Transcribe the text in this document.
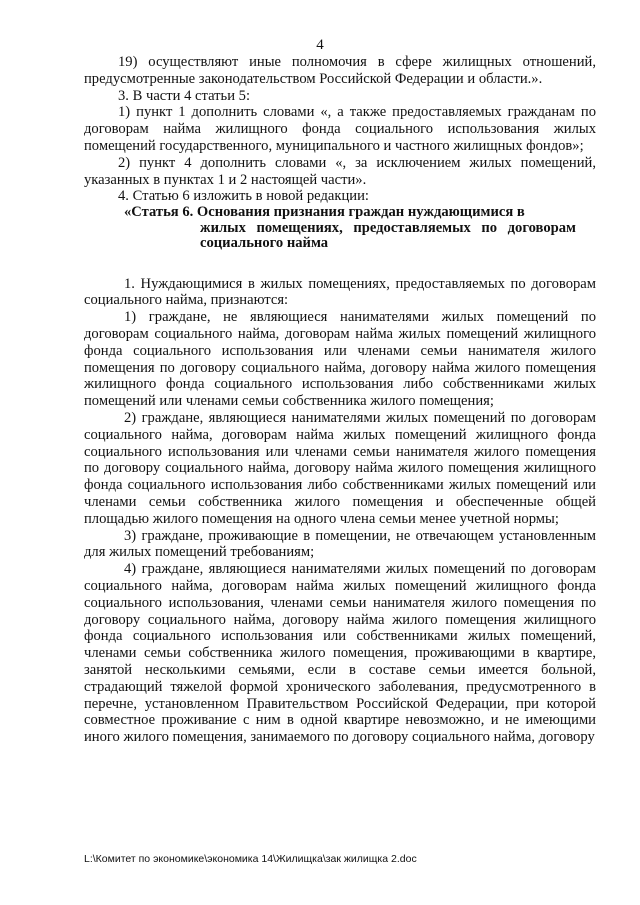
4

19) осуществляют иные полномочия в сфере жилищных отношений, предусмотренные законодательством Российской Федерации и области.».

3. В части 4 статьи 5:

1) пункт 1 дополнить словами «, а также предоставляемых гражданам по договорам найма жилищного фонда социального использования жилых помещений государственного, муниципального и частного жилищных фондов»;

2) пункт 4 дополнить словами «, за исключением жилых помещений, указанных в пунктах 1 и 2 настоящей части».

4. Статью 6 изложить в новой редакции:

«Статья 6. Основания признания граждан нуждающимися в
жилых помещениях, предоставляемых по договорам социального найма

1. Нуждающимися в жилых помещениях, предоставляемых по договорам социального найма, признаются:

1) граждане, не являющиеся нанимателями жилых помещений по договорам социального найма, договорам найма жилых помещений жилищного фонда социального использования или членами семьи нанимателя жилого помещения по договору социального найма, договору найма жилого помещения жилищного фонда социального использования либо собственниками жилых помещений или членами семьи собственника жилого помещения;

2) граждане, являющиеся нанимателями жилых помещений по договорам социального найма, договорам найма жилых помещений жилищного фонда социального использования или членами семьи нанимателя жилого помещения по договору социального найма, договору найма жилого помещения жилищного фонда социального использования либо собственниками жилых помещений или членами семьи собственника жилого помещения и обеспеченные общей площадью жилого помещения на одного члена семьи менее учетной нормы;

3) граждане, проживающие в помещении, не отвечающем установленным для жилых помещений требованиям;

4) граждане, являющиеся нанимателями жилых помещений по договорам социального найма, договорам найма жилых помещений жилищного фонда социального использования, членами семьи нанимателя жилого помещения по договору социального найма, договору найма жилого помещения жилищного фонда социального использования или собственниками жилых помещений, членами семьи собственника жилого помещения, проживающими в квартире, занятой несколькими семьями, если в составе семьи имеется больной, страдающий тяжелой формой хронического заболевания, предусмотренного в перечне, установленном Правительством Российской Федерации, при которой совместное проживание с ним в одной квартире невозможно, и не имеющими иного жилого помещения, занимаемого по договору социального найма, договору

L:\Комитет по экономике\экономика 14\Жилищка\зак жилищка 2.doc
